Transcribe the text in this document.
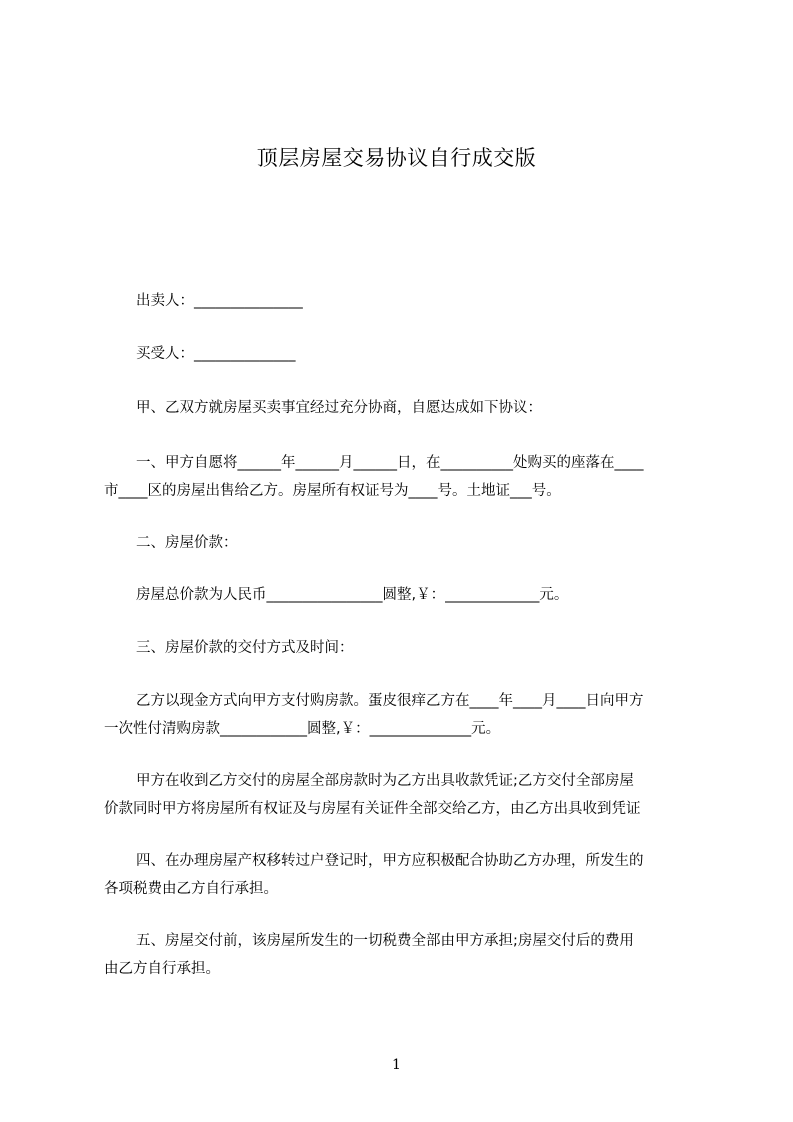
顶层房屋交易协议自行成交版
出卖人：_______________
买受人：______________
甲、乙双方就房屋买卖事宜经过充分协商，自愿达成如下协议：
一、甲方自愿将______年______月______日，在__________处购买的座落在____
市____区的房屋出售给乙方。房屋所有权证号为____号。土地证___号。
二、房屋价款：
房屋总价款为人民币________________圆整,￥：_____________元。
三、房屋价款的交付方式及时间：
乙方以现金方式向甲方支付购房款。蛋皮很痒乙方在____年____月____日向甲方
一次性付清购房款____________圆整,￥：______________元。
甲方在收到乙方交付的房屋全部房款时为乙方出具收款凭证;乙方交付全部房屋
价款同时甲方将房屋所有权证及与房屋有关证件全部交给乙方，由乙方出具收到凭证
四、在办理房屋产权移转过户登记时，甲方应积极配合协助乙方办理，所发生的
各项税费由乙方自行承担。
五、房屋交付前，该房屋所发生的一切税费全部由甲方承担;房屋交付后的费用
由乙方自行承担。
1
